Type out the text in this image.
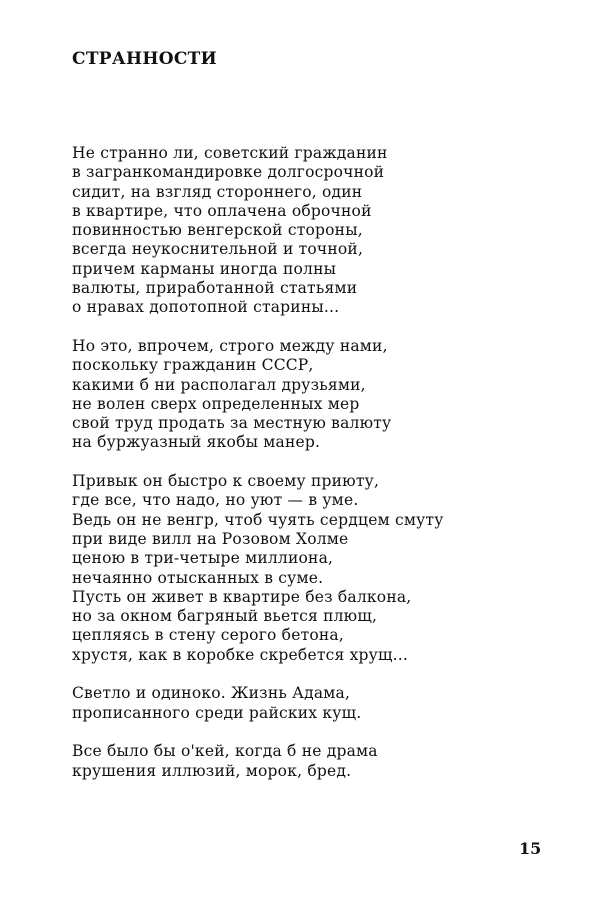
СТРАННОСТИ
Не странно ли, советский гражданин
в загранкомандировке долгосрочной
сидит, на взгляд стороннего, один
в квартире, что оплачена оброчной
повинностью венгерской стороны,
всегда неукоснительной и точной,
причем карманы иногда полны
валюты, приработанной статьями
о нравах допотопной старины...
Но это, впрочем, строго между нами,
поскольку гражданин СССР,
какими б ни располагал друзьями,
не волен сверх определенных мер
свой труд продать за местную валюту
на буржуазный якобы манер.
Привык он быстро к своему приюту,
где все, что надо, но уют — в уме.
Ведь он не венгр, чтоб чуять сердцем смуту
при виде вилл на Розовом Холме
ценою в три-четыре миллиона,
нечаянно отысканных в суме.
Пусть он живет в квартире без балкона,
но за окном багряный вьется плющ,
цепляясь в стену серого бетона,
хрустя, как в коробке скребется хрущ...
Светло и одиноко. Жизнь Адама,
прописанного среди райских кущ.
Все было бы о'кей, когда б не драма
крушения иллюзий, морок, бред.
15
